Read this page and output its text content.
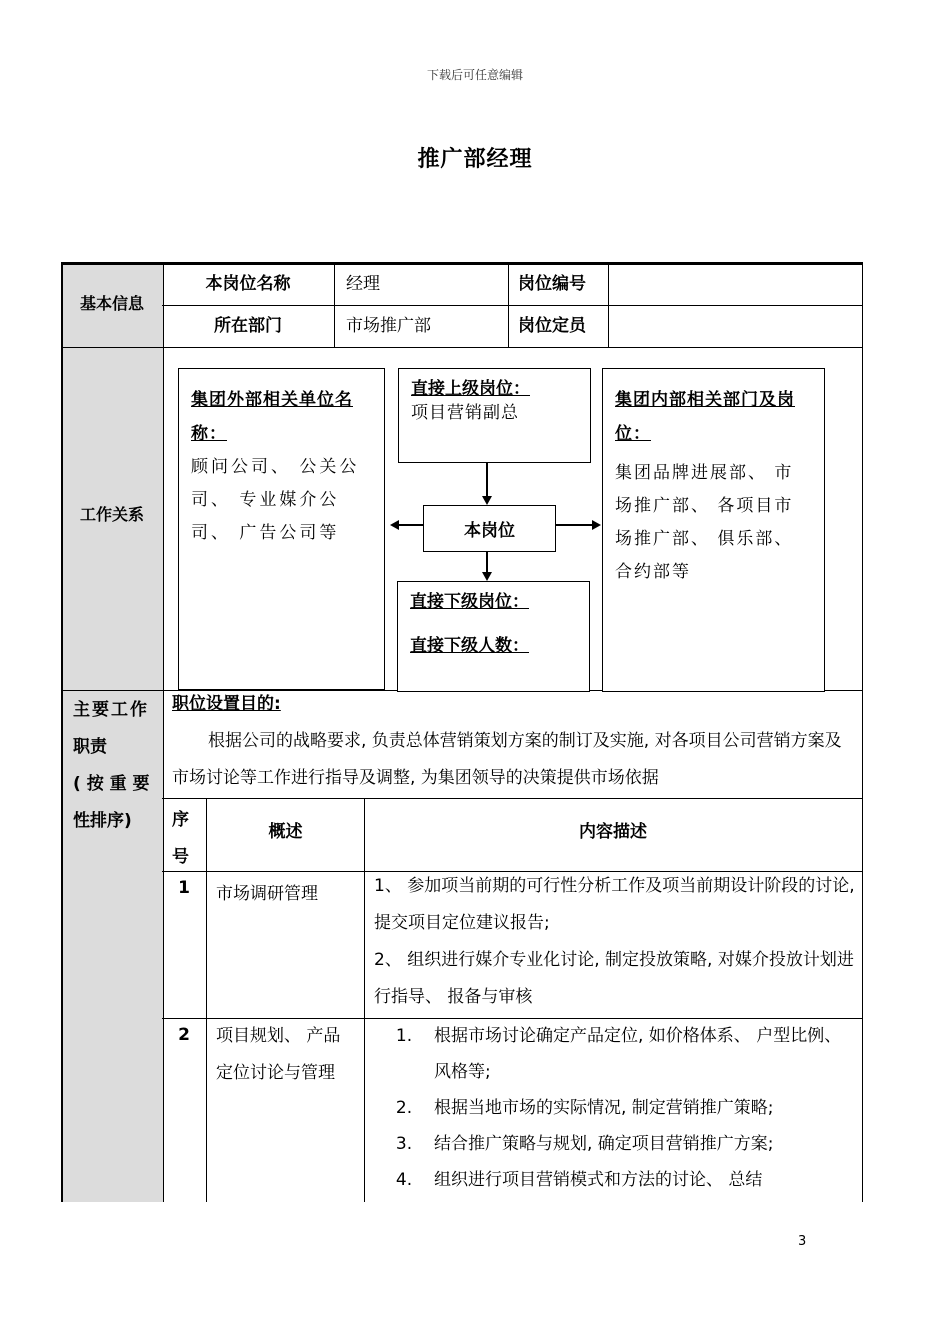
下载后可任意编辑
推广部经理
基本信息
工作关系
主要工作
职责
( 按 重 要
性排序)
本岗位名称	经理	岗位编号
所在部门	市场推广部	岗位定员
集团外部相关单位名称：
顾问公司、 公关公司、 专业媒介公司、 广告公司等
直接上级岗位：
项目营销副总
本岗位
直接下级岗位：
直接下级人数：
集团内部相关部门及岗位：
集团品牌进展部、 市场推广部、 各项目市场推广部、 俱乐部、合约部等
职位设置目的:
根据公司的战略要求, 负责总体营销策划方案的制订及实施, 对各项目公司营销方案及市场讨论等工作进行指导及调整, 为集团领导的决策提供市场依据
序
号
概述	内容描述
1	市场调研管理	1、 参加项当前期的可行性分析工作及项当前期设计阶段的讨论, 提交项目定位建议报告;
2、 组织进行媒介专业化讨论, 制定投放策略, 对媒介投放计划进行指导、 报备与审核
2	项目规划、 产品定位讨论与管理
1.	根据市场讨论确定产品定位, 如价格体系、 户型比例、 风格等;
2.	根据当地市场的实际情况, 制定营销推广策略;
3.	结合推广策略与规划, 确定项目营销推广方案;
4.	组织进行项目营销模式和方法的讨论、 总结
3
